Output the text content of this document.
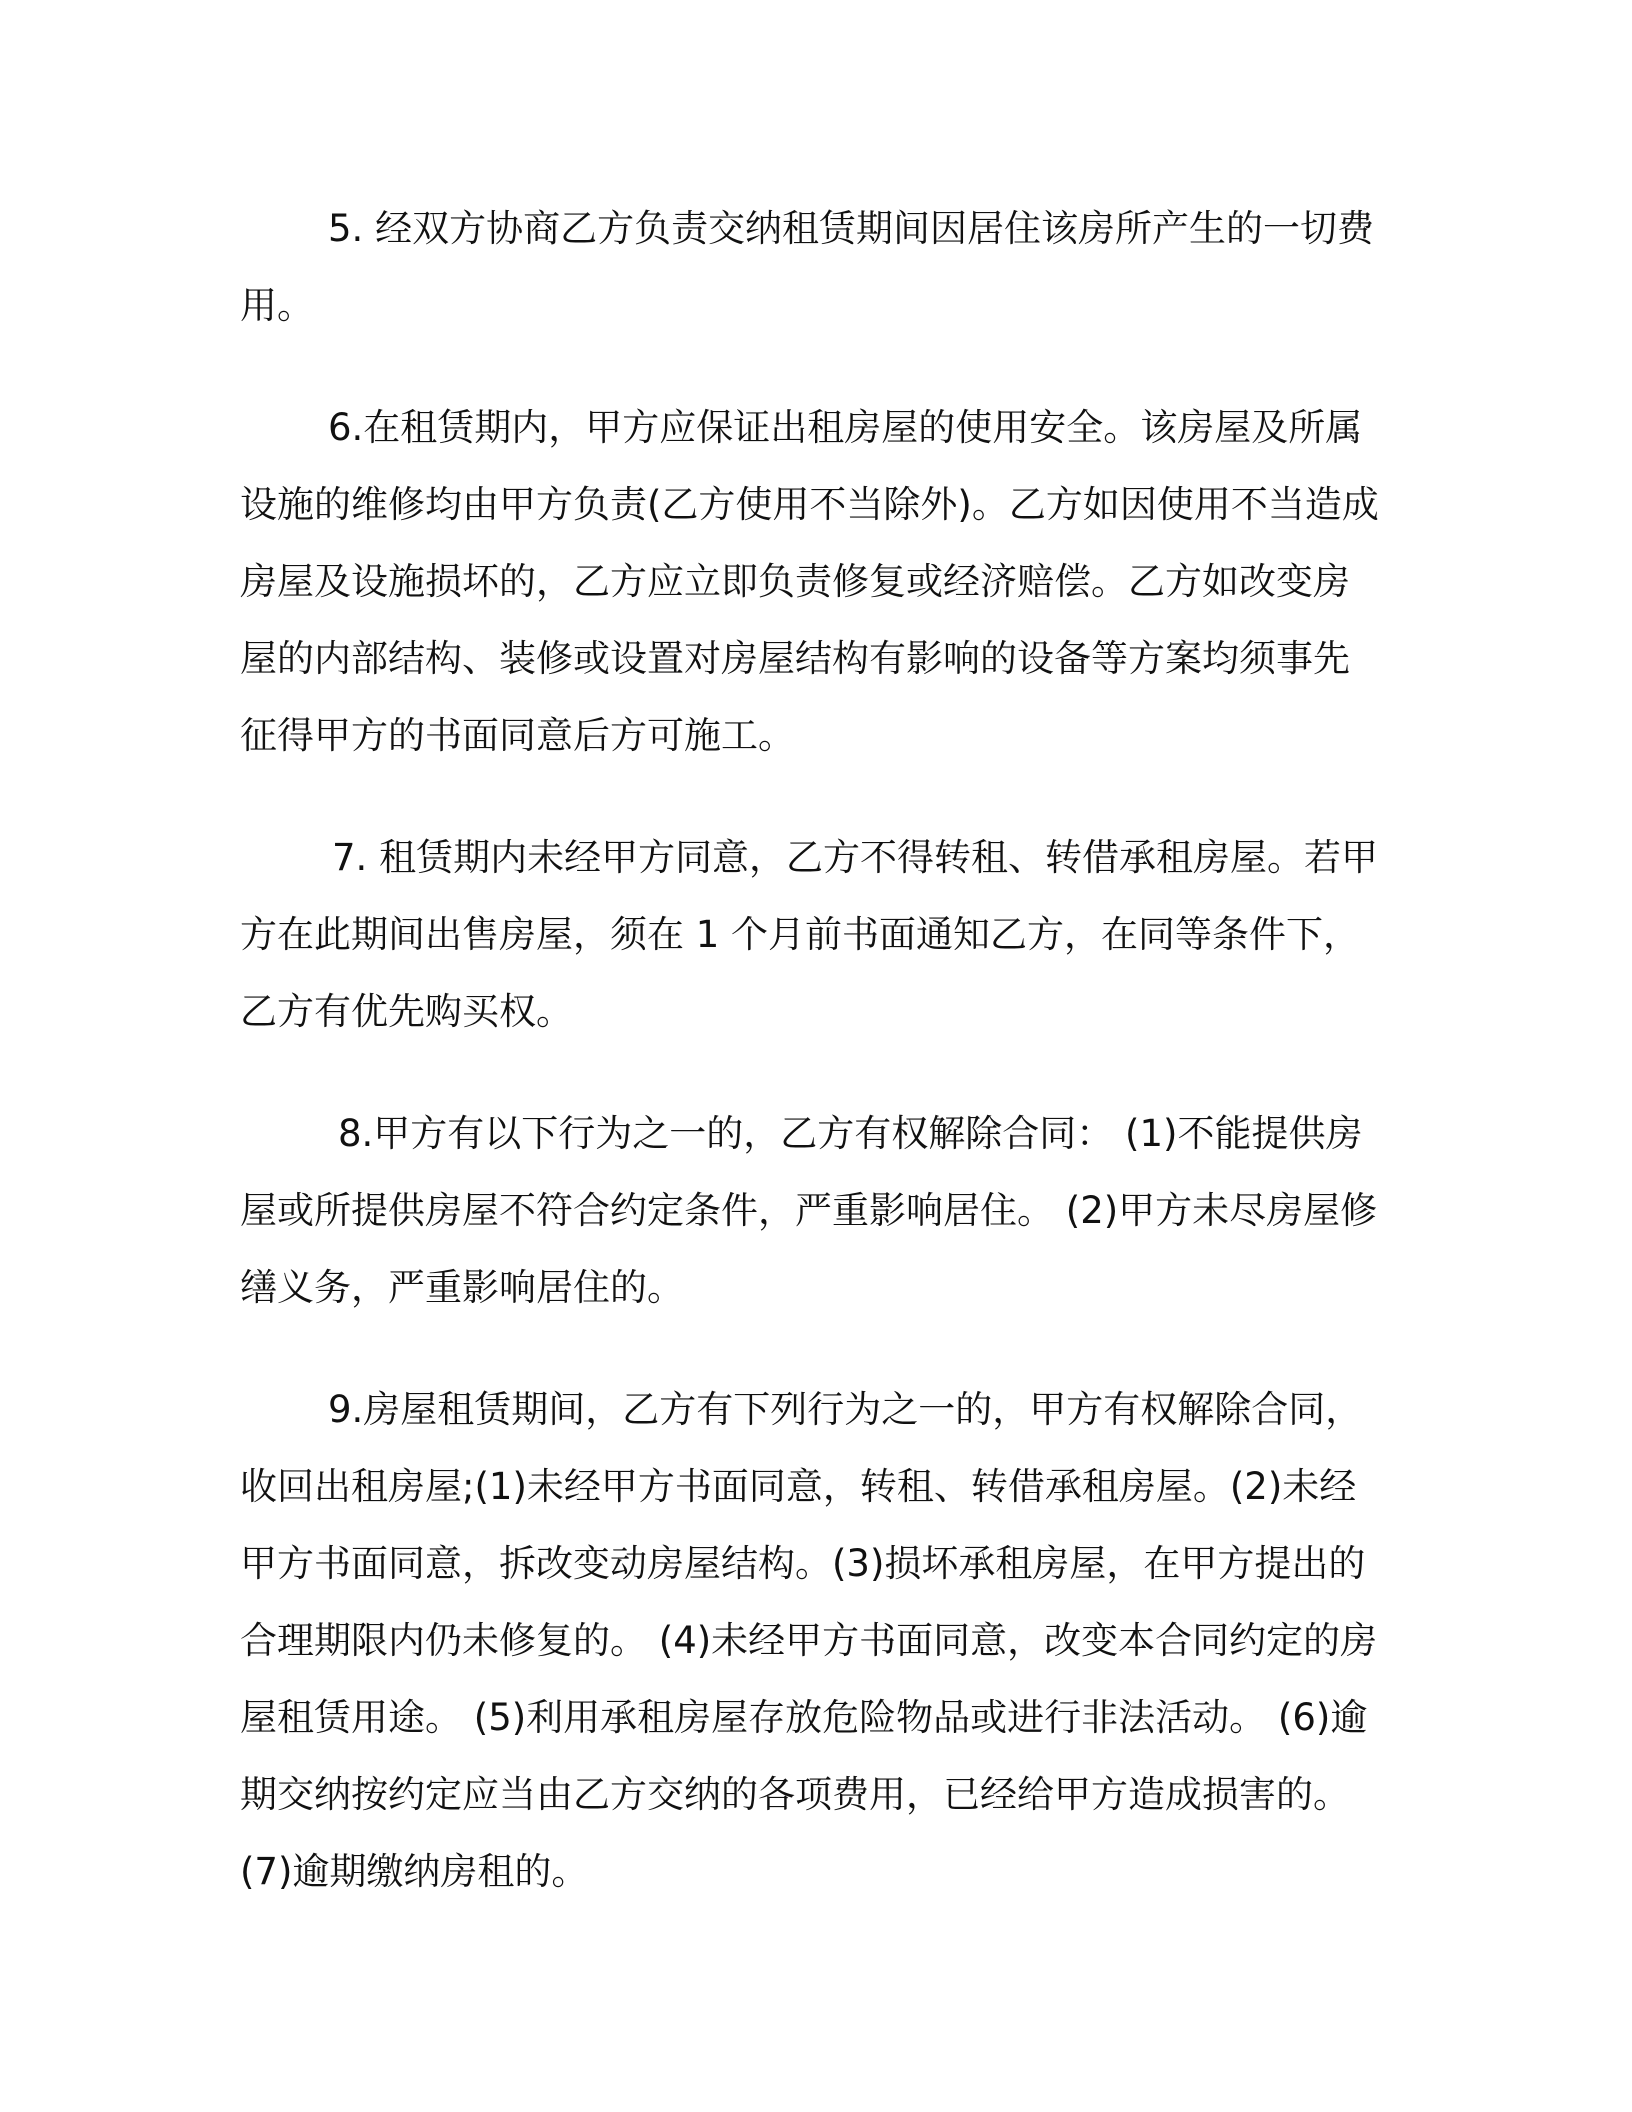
5. 经双方协商乙方负责交纳租赁期间因居住该房所产生的一切费
用。
6.在租赁期内，甲方应保证出租房屋的使用安全。该房屋及所属
设施的维修均由甲方负责(乙方使用不当除外)。乙方如因使用不当造成
房屋及设施损坏的，乙方应立即负责修复或经济赔偿。乙方如改变房
屋的内部结构、装修或设置对房屋结构有影响的设备等方案均须事先
征得甲方的书面同意后方可施工。
7. 租赁期内未经甲方同意，乙方不得转租、转借承租房屋。若甲
方在此期间出售房屋，须在 1 个月前书面通知乙方，在同等条件下，
乙方有优先购买权。
8.甲方有以下行为之一的，乙方有权解除合同： (1)不能提供房
屋或所提供房屋不符合约定条件，严重影响居住。 (2)甲方未尽房屋修
缮义务，严重影响居住的。
9.房屋租赁期间，乙方有下列行为之一的，甲方有权解除合同，
收回出租房屋;(1)未经甲方书面同意，转租、转借承租房屋。(2)未经
甲方书面同意，拆改变动房屋结构。(3)损坏承租房屋，在甲方提出的
合理期限内仍未修复的。 (4)未经甲方书面同意，改变本合同约定的房
屋租赁用途。 (5)利用承租房屋存放危险物品或进行非法活动。 (6)逾
期交纳按约定应当由乙方交纳的各项费用，已经给甲方造成损害的。
(7)逾期缴纳房租的。
